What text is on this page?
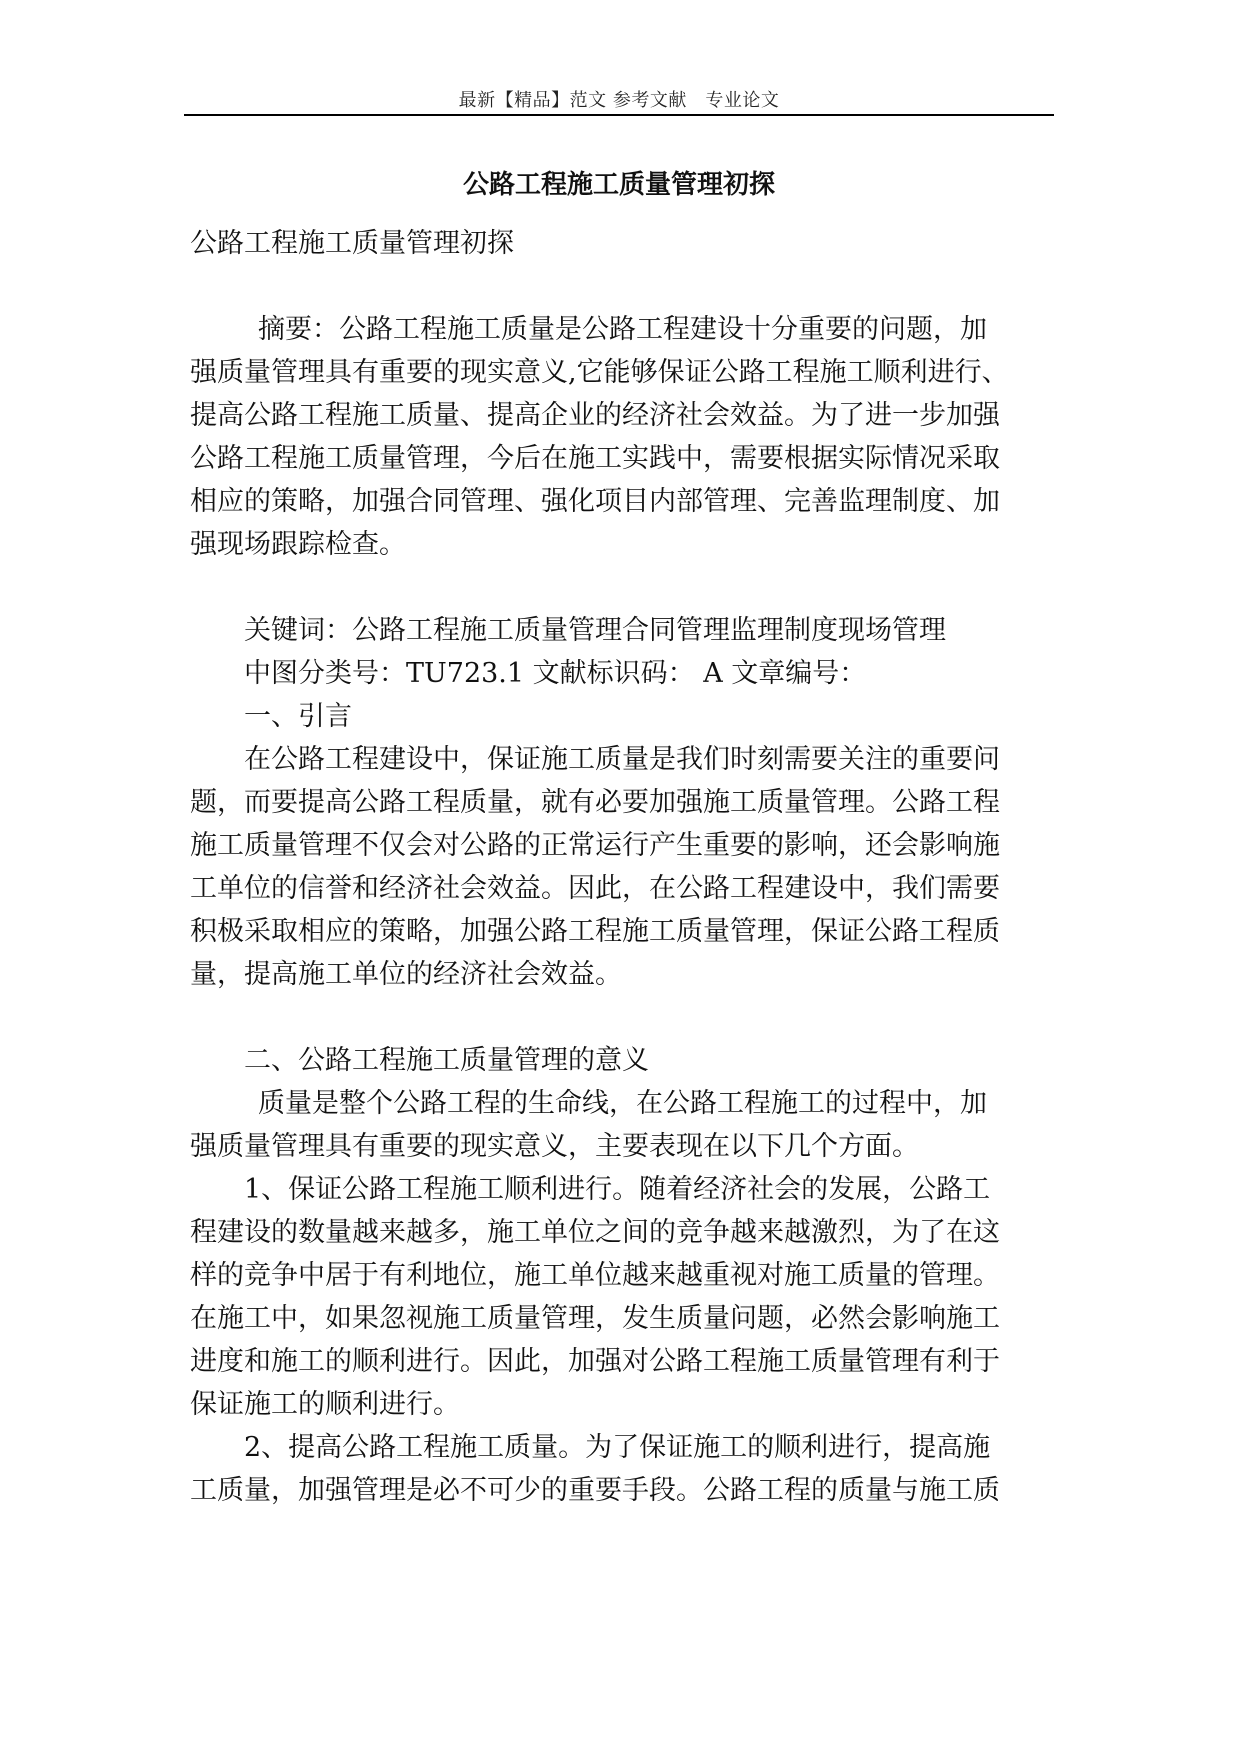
最新【精品】范文 参考文献　专业论文
公路工程施工质量管理初探

公路工程施工质量管理初探

摘要：公路工程施工质量是公路工程建设十分重要的问题，加

强质量管理具有重要的现实意义,它能够保证公路工程施工顺利进行、

提高公路工程施工质量、提高企业的经济社会效益。为了进一步加强

公路工程施工质量管理，今后在施工实践中，需要根据实际情况采取

相应的策略，加强合同管理、强化项目内部管理、完善监理制度、加

强现场跟踪检查。

关键词：公路工程施工质量管理合同管理监理制度现场管理

中图分类号：TU723.1 文献标识码： A 文章编号：

一、引言

在公路工程建设中，保证施工质量是我们时刻需要关注的重要问

题，而要提高公路工程质量，就有必要加强施工质量管理。公路工程

施工质量管理不仅会对公路的正常运行产生重要的影响，还会影响施

工单位的信誉和经济社会效益。因此，在公路工程建设中，我们需要

积极采取相应的策略，加强公路工程施工质量管理，保证公路工程质

量，提高施工单位的经济社会效益。

二、公路工程施工质量管理的意义

质量是整个公路工程的生命线，在公路工程施工的过程中，加

强质量管理具有重要的现实意义，主要表现在以下几个方面。

1、保证公路工程施工顺利进行。随着经济社会的发展，公路工

程建设的数量越来越多，施工单位之间的竞争越来越激烈，为了在这

样的竞争中居于有利地位，施工单位越来越重视对施工质量的管理。

在施工中，如果忽视施工质量管理，发生质量问题，必然会影响施工

进度和施工的顺利进行。因此，加强对公路工程施工质量管理有利于

保证施工的顺利进行。

2、提高公路工程施工质量。为了保证施工的顺利进行，提高施

工质量，加强管理是必不可少的重要手段。公路工程的质量与施工质
